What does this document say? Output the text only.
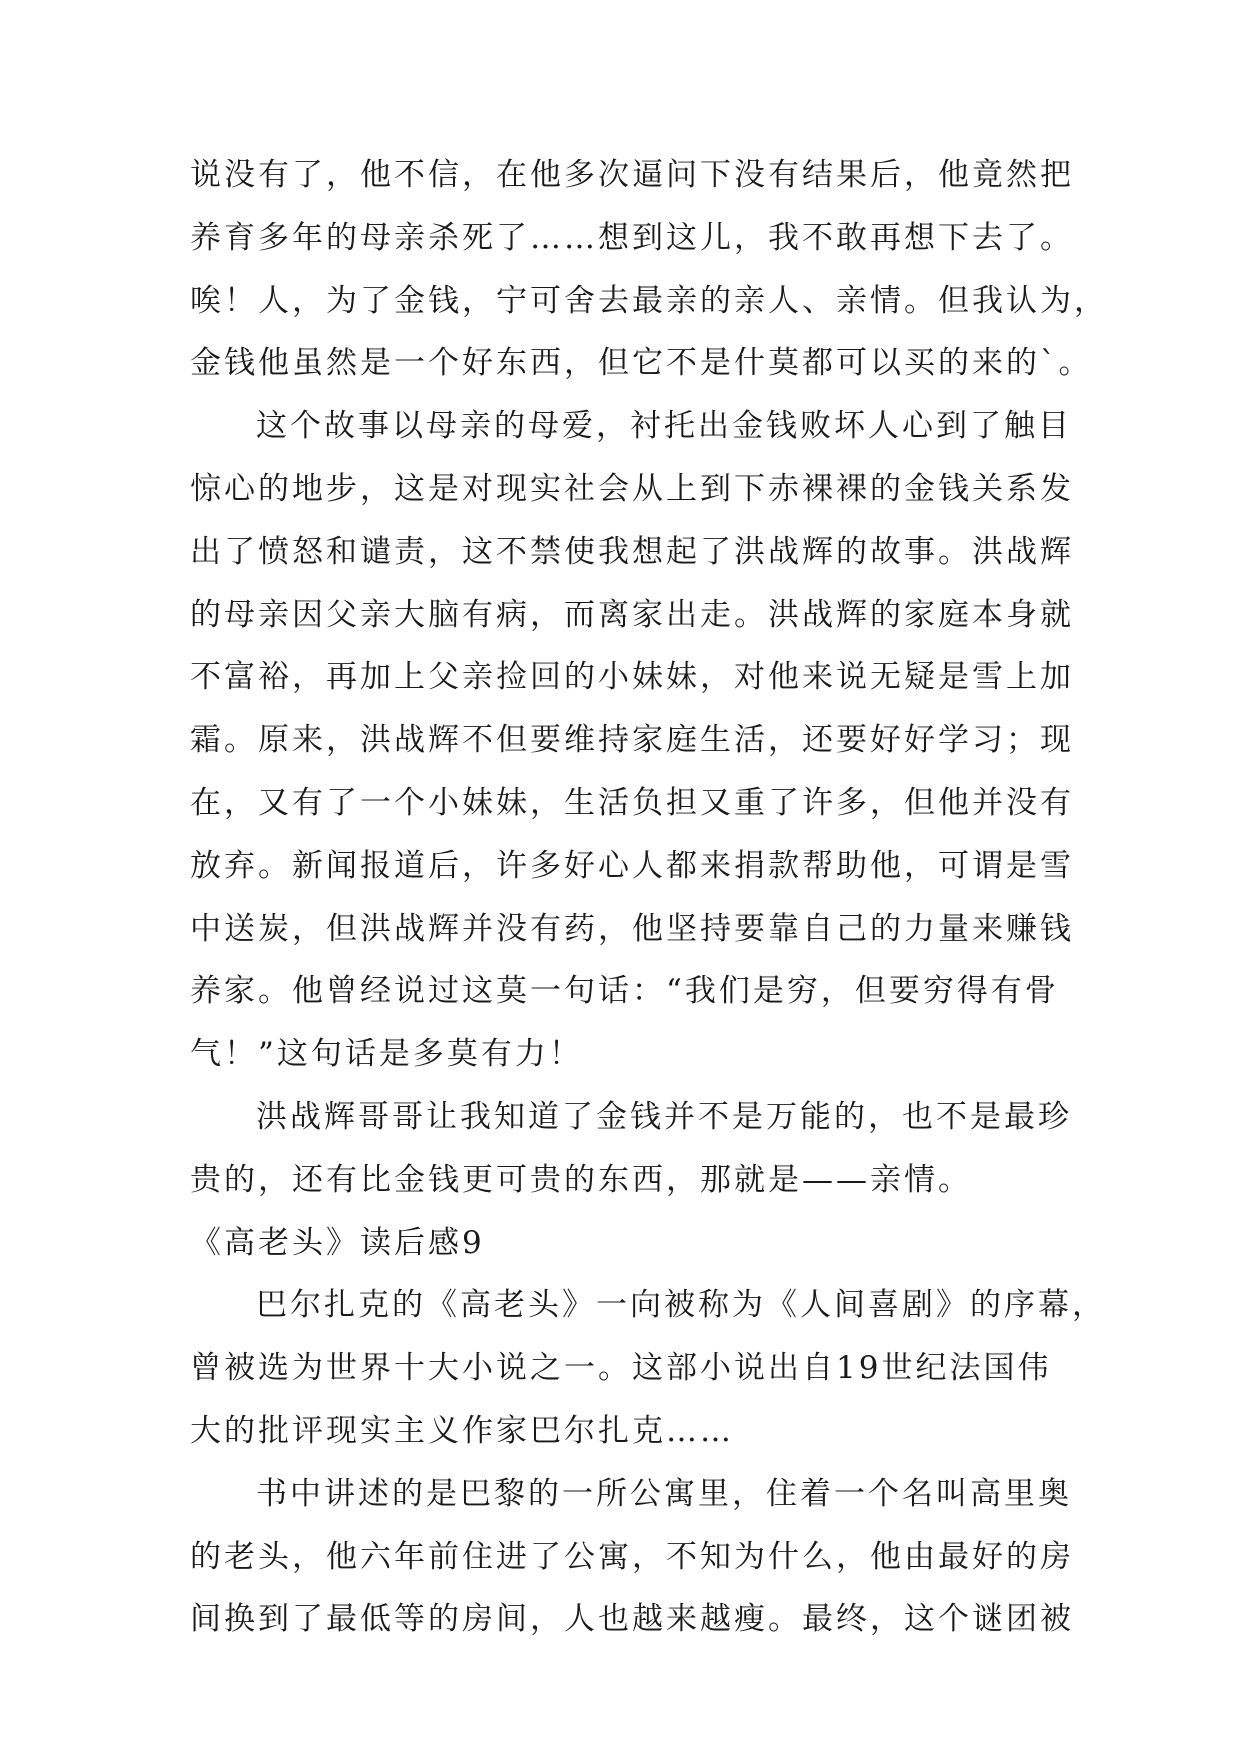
说没有了，他不信，在他多次逼问下没有结果后，他竟然把
养育多年的母亲杀死了……想到这儿，我不敢再想下去了。
唉！人，为了金钱，宁可舍去最亲的亲人、亲情。但我认为，
金钱他虽然是一个好东西，但它不是什莫都可以买的来的`。
这个故事以母亲的母爱，衬托出金钱败坏人心到了触目
惊心的地步，这是对现实社会从上到下赤裸裸的金钱关系发
出了愤怒和谴责，这不禁使我想起了洪战辉的故事。洪战辉
的母亲因父亲大脑有病，而离家出走。洪战辉的家庭本身就
不富裕，再加上父亲捡回的小妹妹，对他来说无疑是雪上加
霜。原来，洪战辉不但要维持家庭生活，还要好好学习；现
在，又有了一个小妹妹，生活负担又重了许多，但他并没有
放弃。新闻报道后，许多好心人都来捐款帮助他，可谓是雪
中送炭，但洪战辉并没有药，他坚持要靠自己的力量来赚钱
养家。他曾经说过这莫一句话：“我们是穷，但要穷得有骨
气！”这句话是多莫有力！
洪战辉哥哥让我知道了金钱并不是万能的，也不是最珍
贵的，还有比金钱更可贵的东西，那就是——亲情。
《高老头》读后感9
巴尔扎克的《高老头》一向被称为《人间喜剧》的序幕，
曾被选为世界十大小说之一。这部小说出自19世纪法国伟
大的批评现实主义作家巴尔扎克……
书中讲述的是巴黎的一所公寓里，住着一个名叫高里奥
的老头，他六年前住进了公寓，不知为什么，他由最好的房
间换到了最低等的房间，人也越来越瘦。最终，这个谜团被
